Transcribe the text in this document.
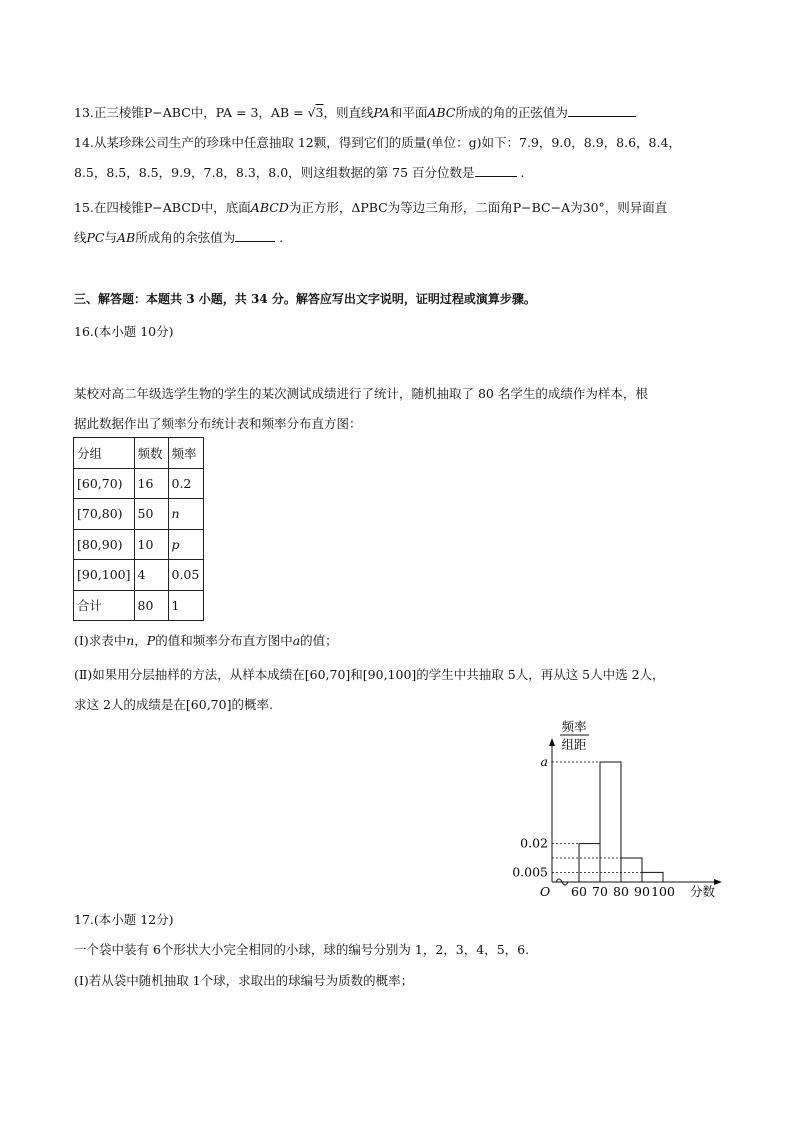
13.正三棱锥P−ABC中，PA = 3，AB = √3，则直线PA和平面ABC所成的角的正弦值为
14.从某珍珠公司生产的珍珠中任意抽取 12颗，得到它们的质量(单位：g)如下：7.9，9.0，8.9，8.6，8.4，
8.5，8.5，8.5，9.9，7.8，8.3，8.0，则这组数据的第 75 百分位数是	.
15.在四棱锥P−ABCD中，底面ABCD为正方形，ΔPBC为等边三角形，二面角P−BC−A为30°，则异面直
线PC与AB所成角的余弦值为	.
三、解答题：本题共 3 小题，共 34 分。解答应写出文字说明，证明过程或演算步骤。
16.(本小题 10分)
某校对高二年级选学生物的学生的某次测试成绩进行了统计，随机抽取了 80 名学生的成绩作为样本，根
据此数据作出了频率分布统计表和频率分布直方图：
分组	频数	频率
[60,70)	16	0.2
[70,80)	50	n
[80,90)	10	p
[90,100]	4	0.05
合计	80	1
(Ⅰ)求表中n，P的值和频率分布直方图中a的值；
(Ⅱ)如果用分层抽样的方法，从样本成绩在[60,70]和[90,100]的学生中共抽取 5人，再从这 5人中选 2人，
求这 2人的成绩是在[60,70]的概率.
频率
组距
0.02
a
0.005
O 60 70 80 90 100 分数
17.(本小题 12分)
一个袋中装有 6个形状大小完全相同的小球，球的编号分别为 1，2，3，4，5，6.
(Ⅰ)若从袋中随机抽取 1个球，求取出的球编号为质数的概率；
